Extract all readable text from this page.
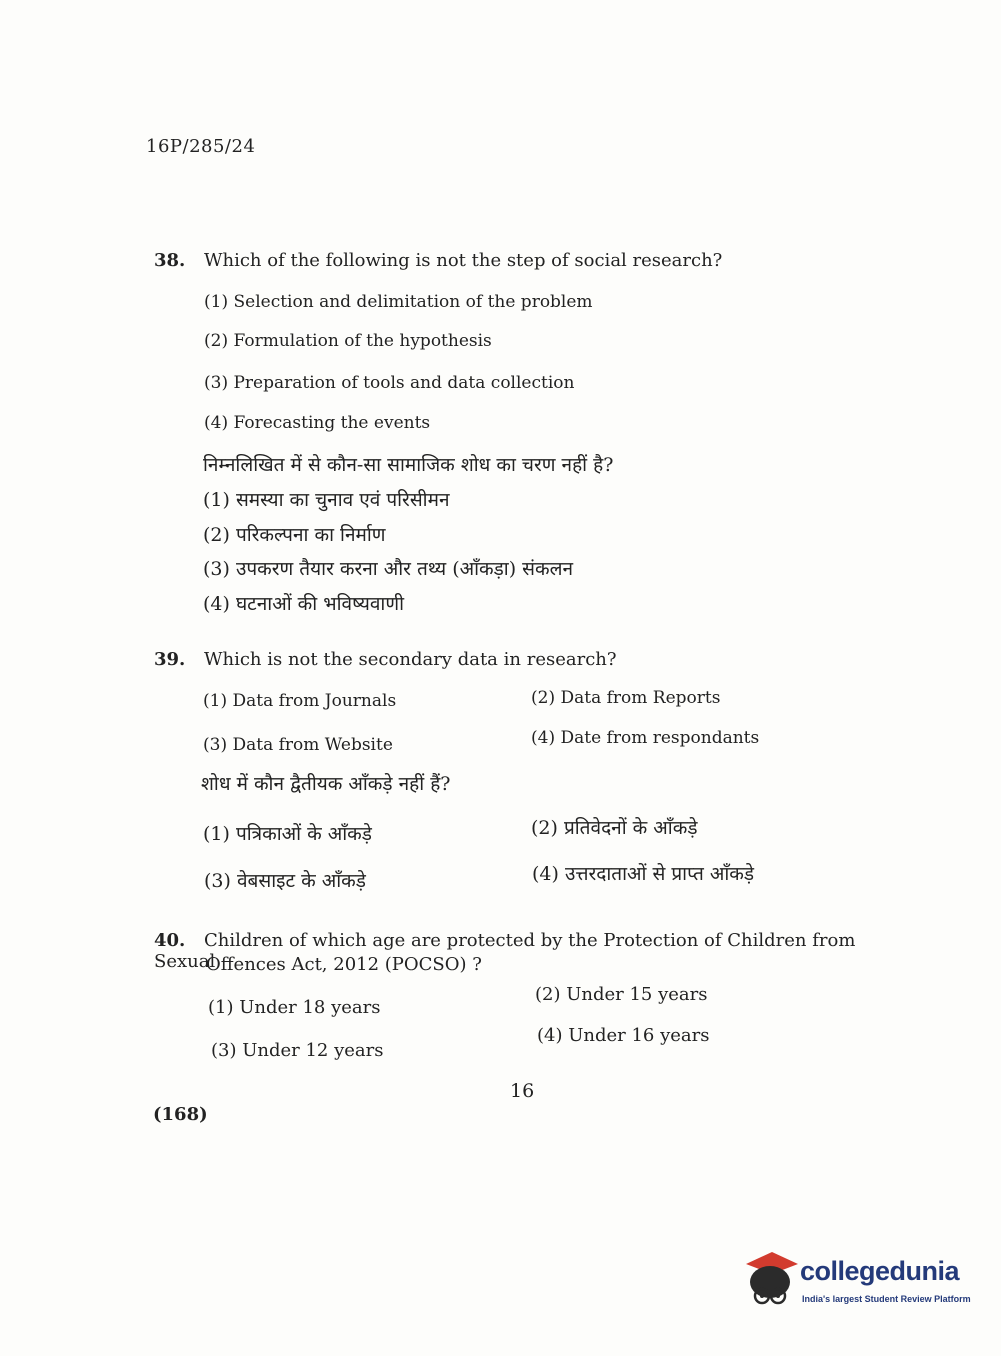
16P/285/24
38. Which of the following is not the step of social research?
(1) Selection and delimitation of the problem
(2) Formulation of the hypothesis
(3) Preparation of tools and data collection
(4) Forecasting the events
निम्नलिखित में से कौन-सा सामाजिक शोध का चरण नहीं है?
(1) समस्या का चुनाव एवं परिसीमन
(2) परिकल्पना का निर्माण
(3) उपकरण तैयार करना और तथ्य (आँकड़ा) संकलन
(4) घटनाओं की भविष्यवाणी
39. Which is not the secondary data in research?
(1) Data from Journals	(2) Data from Reports
(3) Data from Website	(4) Date from respondants
शोध में कौन द्वैतीयक आँकड़े नहीं हैं?
(1) पत्रिकाओं के आँकड़े	(2) प्रतिवेदनों के आँकड़े
(3) वेबसाइट के आँकड़े	(4) उत्तरदाताओं से प्राप्त आँकड़े
40. Children of which age are protected by the Protection of Children from Sexual
Offences Act, 2012 (POCSO) ?
(1) Under 18 years
(2) Under 15 years
(3) Under 12 years
(4) Under 16 years
16
(168)
collegedunia
India's largest Student Review Platform
